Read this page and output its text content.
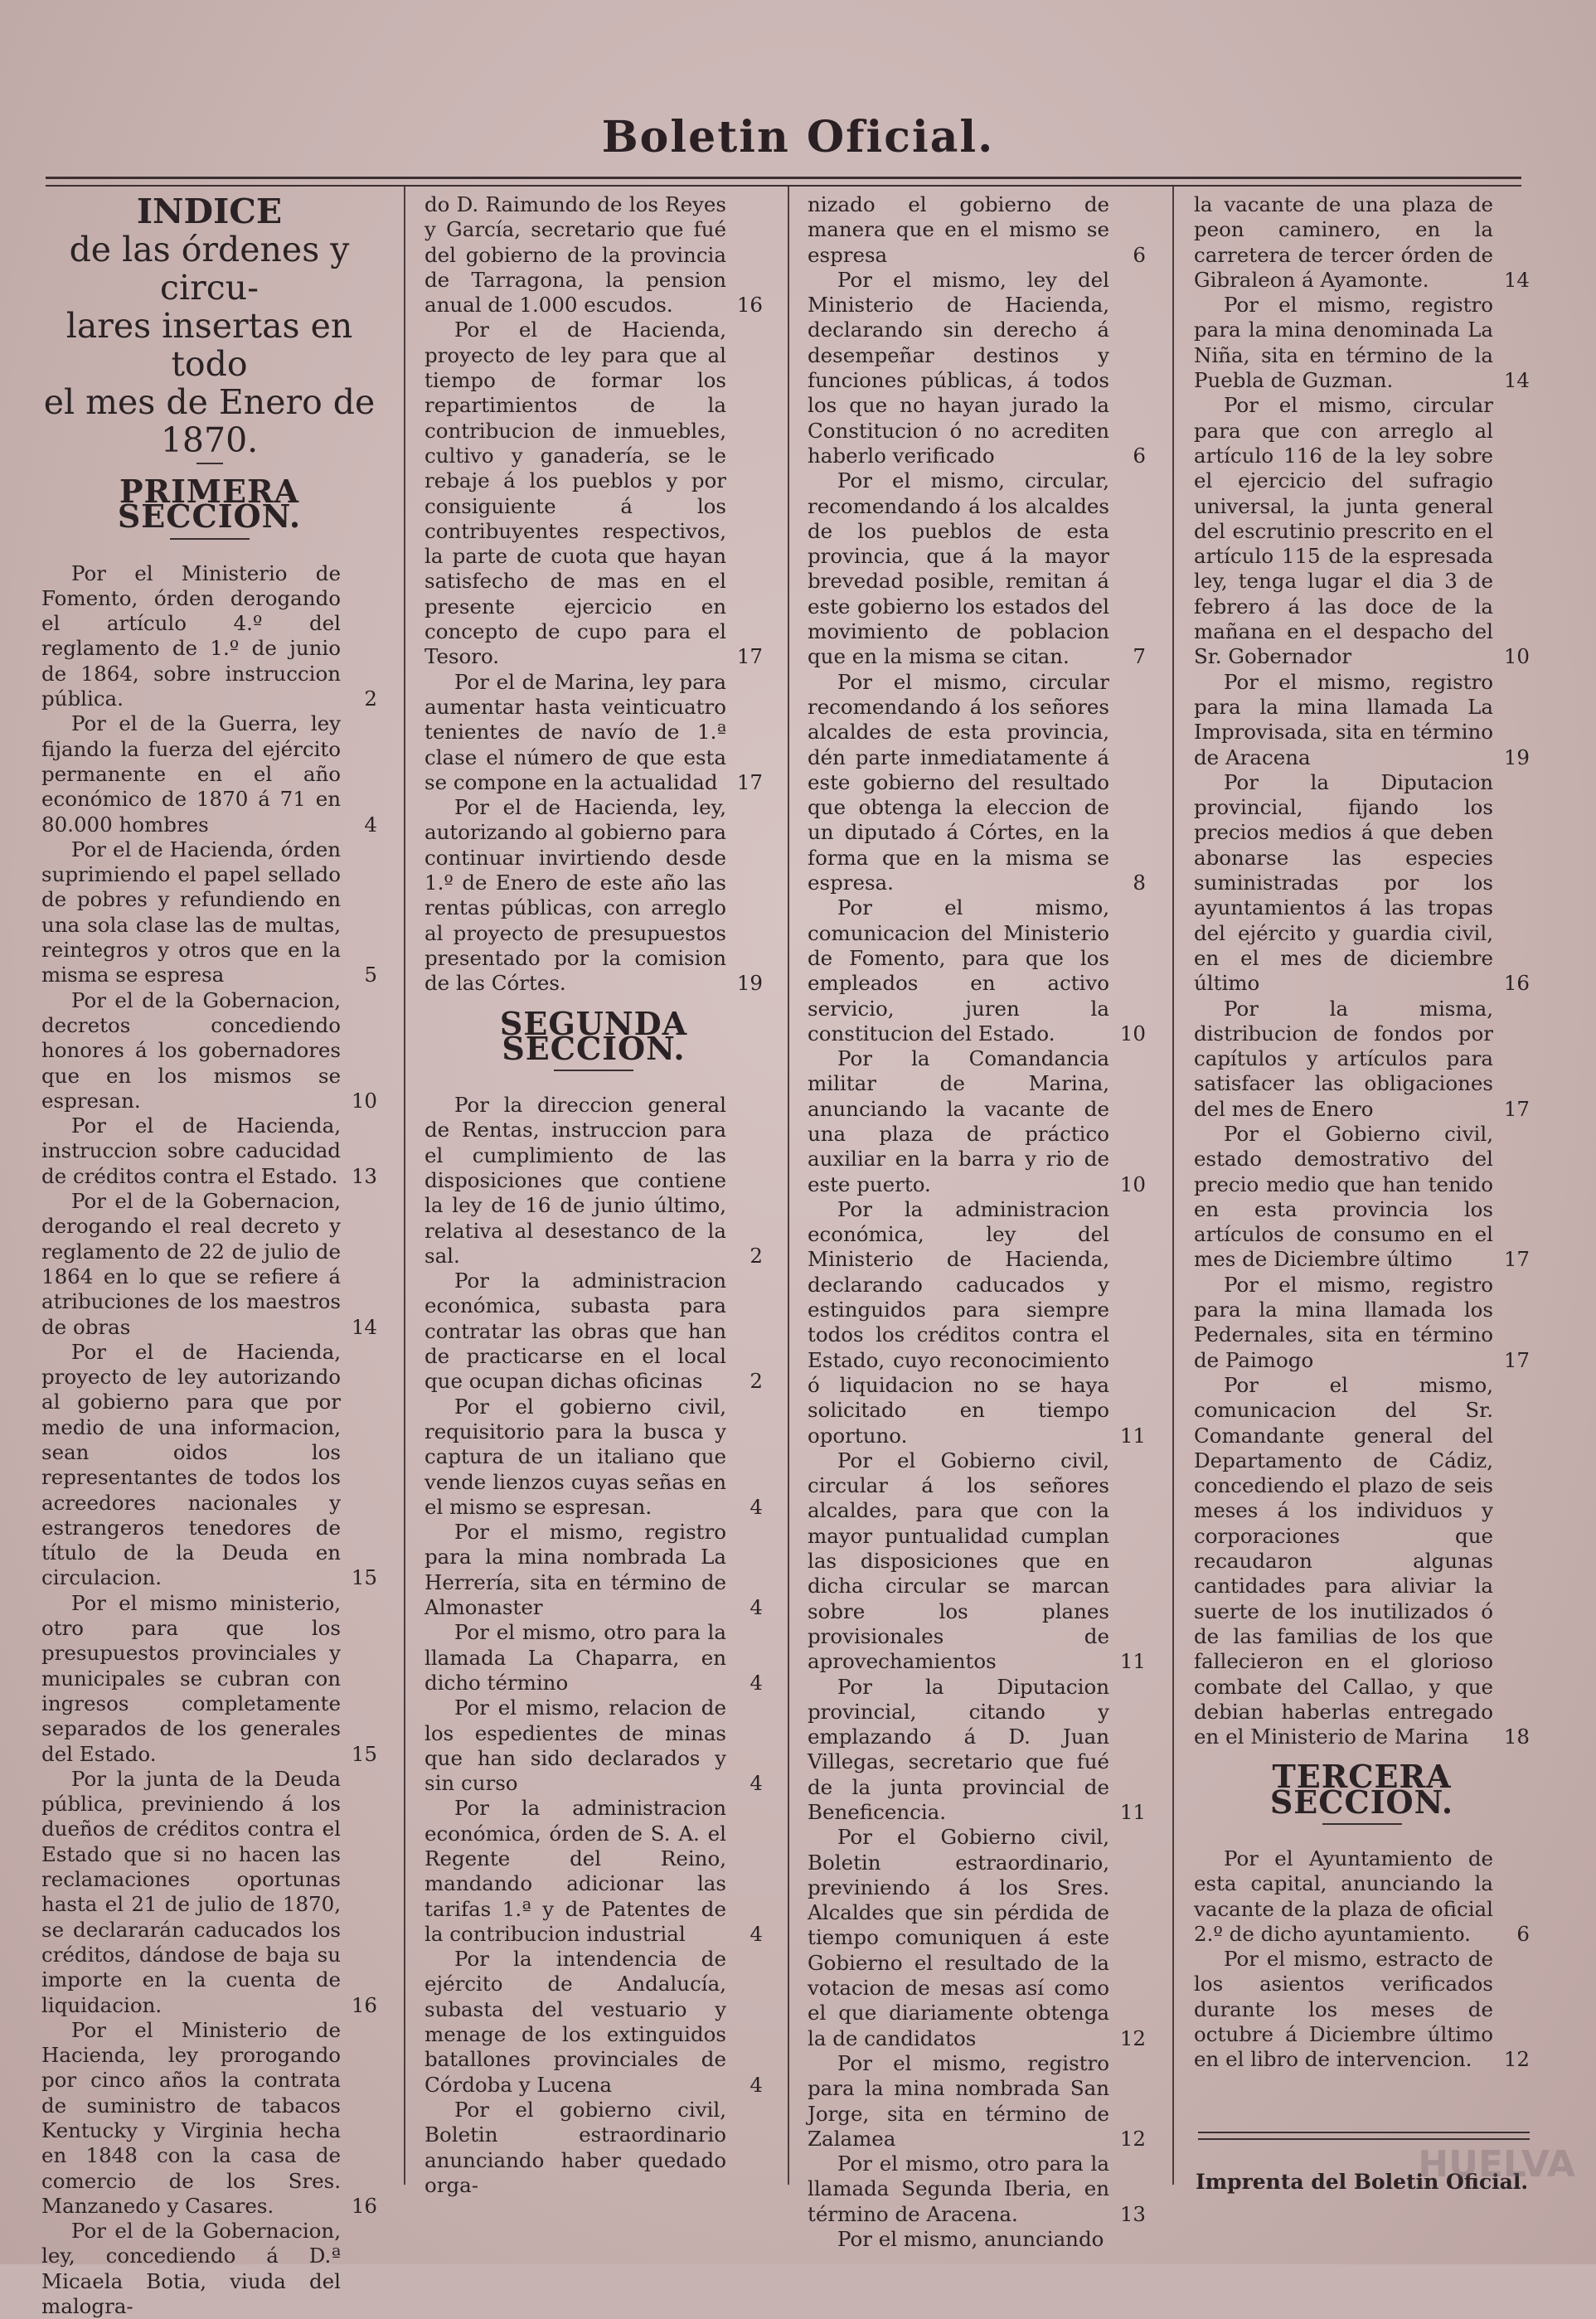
Boletin Oficial.
INDICE
de las órdenes y circu-
lares insertas en todo
el mes de Enero de
1870.
PRIMERA SECCION.

Por el Ministerio de Fomento, órden derogando el artículo 4.º del reglamento de 1.º de junio de 1864, sobre instruccion pública.	2

Por el de la Guerra, ley fijando la fuerza del ejército permanente en el año económico de 1870 á 71 en 80.000 hombres	4

Por el de Hacienda, órden suprimiendo el papel sellado de pobres y refundiendo en una sola clase las de multas, reintegros y otros que en la misma se espresa	5

Por el de la Gobernacion, decretos concediendo honores á los gobernadores que en los mismos se espresan.	10

Por el de Hacienda, instruccion sobre caducidad de créditos contra el Estado. 13

Por el de la Gobernacion, derogando el real decreto y reglamento de 22 de julio de 1864 en lo que se refiere á atribuciones de los maestros de obras	14

Por el de Hacienda, proyecto de ley autorizando al gobierno para que por medio de una informacion, sean oidos los representantes de todos los acreedores nacionales y estrangeros tenedores de título de la Deuda en circulacion.	15

Por el mismo ministerio, otro para que los presupuestos provinciales y municipales se cubran con ingresos completamente separados de los generales del Estado.	15

Por la junta de la Deuda pública, previniendo á los dueños de créditos contra el Estado que si no hacen las reclamaciones oportunas hasta el 21 de julio de 1870, se declararán caducados los créditos, dándose de baja su importe en la cuenta de liquidacion.	16

Por el Ministerio de Hacienda, ley prorogando por cinco años la contrata de suministro de tabacos Kentucky y Virginia hecha en 1848 con la casa de comercio de los Sres. Manzanedo y Casares.	16

Por el de la Gobernacion, ley, concediendo á D.ª Micaela Botia, viuda del malogra-

do D. Raimundo de los Reyes y García, secretario que fué del gobierno de la provincia de Tarragona, la pension anual de 1.000 escudos.	16

Por el de Hacienda, proyecto de ley para que al tiempo de formar los repartimientos de la contribucion de inmuebles, cultivo y ganadería, se le rebaje á los pueblos y por consiguiente á los contribuyentes respectivos, la parte de cuota que hayan satisfecho de mas en el presente ejercicio en concepto de cupo para el Tesoro.	17

Por el de Marina, ley para aumentar hasta veinticuatro tenientes de navío de 1.ª clase el número de que esta se compone en la actualidad 17

Por el de Hacienda, ley, autorizando al gobierno para continuar invirtiendo desde 1.º de Enero de este año las rentas públicas, con arreglo al proyecto de presupuestos presentado por la comision de las Córtes.	19

SEGUNDA SECCION.

Por la direccion general de Rentas, instruccion para el cumplimiento de las disposiciones que contiene la ley de 16 de junio último, relativa al desestanco de la sal.	2

Por la administracion económica, subasta para contratar las obras que han de practicarse en el local que ocupan dichas oficinas 2

Por el gobierno civil, requisitorio para la busca y captura de un italiano que vende lienzos cuyas señas en el mismo se espresan.	4

Por el mismo, registro para la mina nombrada La Herrería, sita en término de Almonaster	4

Por el mismo, otro para la llamada La Chaparra, en dicho término	4

Por el mismo, relacion de los espedientes de minas que han sido declarados y sin curso	4

Por la administracion económica, órden de S. A. el Regente del Reino, mandando adicionar las tarifas 1.ª y de Patentes de la contribucion industrial	4

Por la intendencia de ejército de Andalucía, subasta del vestuario y menage de los extinguidos batallones provinciales de Córdoba y Lucena	4

Por el gobierno civil, Boletin estraordinario anunciando haber quedado orga-

nizado el gobierno de manera que en el mismo se espresa	6

Por el mismo, ley del Ministerio de Hacienda, declarando sin derecho á desempeñar destinos y funciones públicas, á todos los que no hayan jurado la Constitucion ó no acrediten haberlo verificado	6

Por el mismo, circular, recomendando á los alcaldes de los pueblos de esta provincia, que á la mayor brevedad posible, remitan á este gobierno los estados del movimiento de poblacion que en la misma se citan.	7

Por el mismo, circular recomendando á los señores alcaldes de esta provincia, dén parte inmediatamente á este gobierno del resultado que obtenga la eleccion de un diputado á Córtes, en la forma que en la misma se espresa.	8

Por el mismo, comunicacion del Ministerio de Fomento, para que los empleados en activo servicio, juren la constitucion del Estado.	10

Por la Comandancia militar de Marina, anunciando la vacante de una plaza de práctico auxiliar en la barra y rio de este puerto.	10

Por la administracion económica, ley del Ministerio de Hacienda, declarando caducados y estinguidos para siempre todos los créditos contra el Estado, cuyo reconocimiento ó liquidacion no se haya solicitado en tiempo oportuno.	11

Por el Gobierno civil, circular á los señores alcaldes, para que con la mayor puntualidad cumplan las disposiciones que en dicha circular se marcan sobre los planes provisionales de aprovechamientos	11

Por la Diputacion provincial, citando y emplazando á D. Juan Villegas, secretario que fué de la junta provincial de Beneficencia.	11

Por el Gobierno civil, Boletin estraordinario, previniendo á los Sres. Alcaldes que sin pérdida de tiempo comuniquen á este Gobierno el resultado de la votacion de mesas así como el que diariamente obtenga la de candidatos	12

Por el mismo, registro para la mina nombrada San Jorge, sita en término de Zalamea	12

Por el mismo, otro para la llamada Segunda Iberia, en término de Aracena.	13

Por el mismo, anunciando

la vacante de una plaza de peon caminero, en la carretera de tercer órden de Gibraleon á Ayamonte.	14

Por el mismo, registro para la mina denominada La Niña, sita en término de la Puebla de Guzman.	14

Por el mismo, circular para que con arreglo al artículo 116 de la ley sobre el ejercicio del sufragio universal, la junta general del escrutinio prescrito en el artículo 115 de la espresada ley, tenga lugar el dia 3 de febrero á las doce de la mañana en el despacho del Sr. Gobernador	10

Por el mismo, registro para la mina llamada La Improvisada, sita en término de Aracena	19

Por la Diputacion provincial, fijando los precios medios á que deben abonarse las especies suministradas por los ayuntamientos á las tropas del ejército y guardia civil, en el mes de diciembre último	16

Por la misma, distribucion de fondos por capítulos y artículos para satisfacer las obligaciones del mes de Enero	17

Por el Gobierno civil, estado demostrativo del precio medio que han tenido en esta provincia los artículos de consumo en el mes de Diciembre último	17

Por el mismo, registro para la mina llamada los Pedernales, sita en término de Paimogo	17

Por el mismo, comunicacion del Sr. Comandante general del Departamento de Cádiz, concediendo el plazo de seis meses á los individuos y corporaciones que recaudaron algunas cantidades para aliviar la suerte de los inutilizados ó de las familias de los que fallecieron en el glorioso combate del Callao, y que debian haberlas entregado en el Ministerio de Marina 18

TERCERA SECCION.

Por el Ayuntamiento de esta capital, anunciando la vacante de la plaza de oficial 2.º de dicho ayuntamiento. 6

Por el mismo, estracto de los asientos verificados durante los meses de octubre á Diciembre último en el libro de intervencion. 12

Imprenta del Boletin Oficial.
HUELVA
